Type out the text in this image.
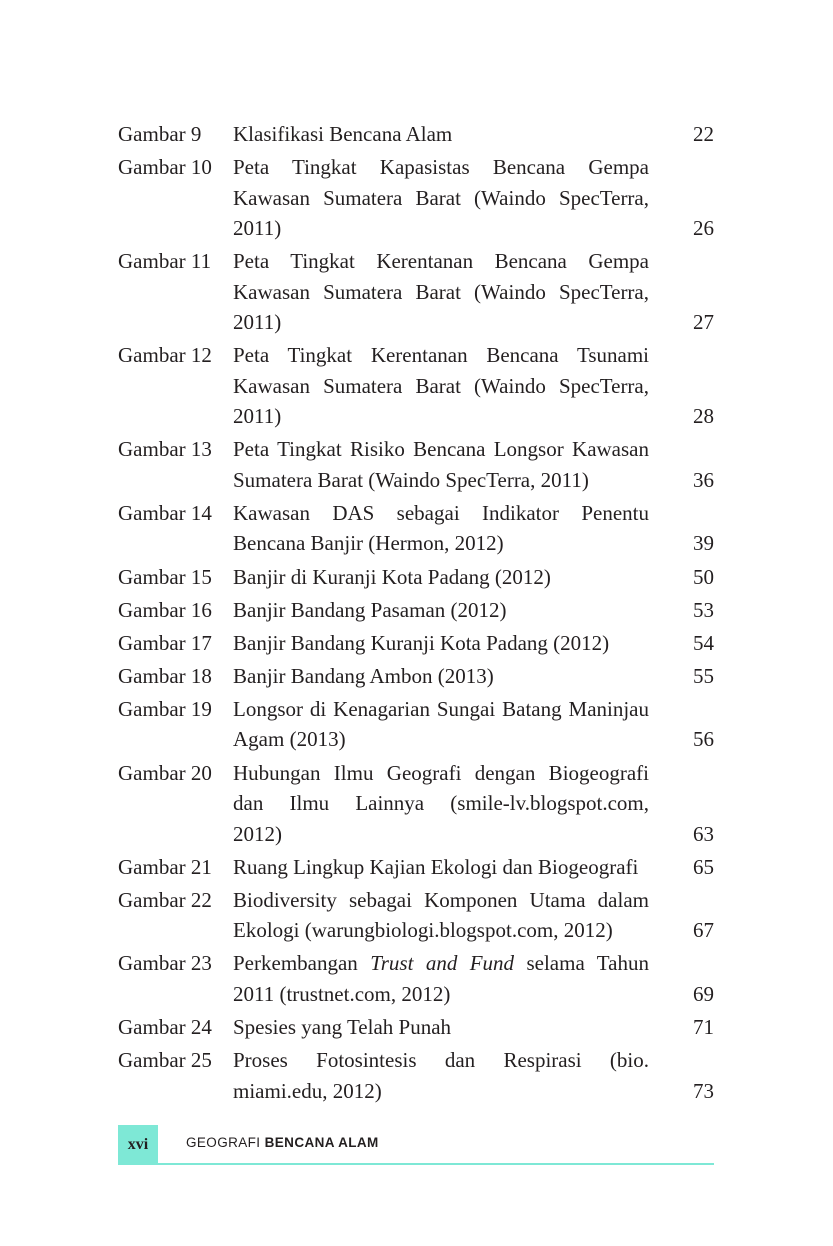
Gambar 9	Klasifikasi Bencana Alam	22
Gambar 10	Peta Tingkat Kapasistas Bencana Gempa
Kawasan Sumatera Barat (Waindo SpecTerra,
2011)	26
Gambar 11	Peta Tingkat Kerentanan Bencana Gempa
Kawasan Sumatera Barat (Waindo SpecTerra,
2011)	27
Gambar 12	Peta Tingkat Kerentanan Bencana Tsunami
Kawasan Sumatera Barat (Waindo SpecTerra,
2011)	28
Gambar 13	Peta Tingkat Risiko Bencana Longsor Kawasan
Sumatera Barat (Waindo SpecTerra, 2011)	36
Gambar 14	Kawasan DAS sebagai Indikator Penentu
Bencana Banjir (Hermon, 2012)	39
Gambar 15	Banjir di Kuranji Kota Padang (2012)	50
Gambar 16	Banjir Bandang Pasaman (2012)	53
Gambar 17	Banjir Bandang Kuranji Kota Padang (2012)	54
Gambar 18	Banjir Bandang Ambon (2013)	55
Gambar 19	Longsor di Kenagarian Sungai Batang Maninjau
Agam (2013)	56
Gambar 20	Hubungan Ilmu Geografi dengan Biogeografi
dan Ilmu Lainnya (smile-lv.blogspot.com,
2012)	63
Gambar 21	Ruang Lingkup Kajian Ekologi dan Biogeografi	65
Gambar 22	Biodiversity sebagai Komponen Utama dalam
Ekologi (warungbiologi.blogspot.com, 2012)	67
Gambar 23	Perkembangan Trust and Fund selama Tahun
2011 (trustnet.com, 2012)	69
Gambar 24	Spesies yang Telah Punah	71
Gambar 25	Proses Fotosintesis dan Respirasi (bio.
miami.edu, 2012)	73
xvi	GEOGRAFI BENCANA ALAM
